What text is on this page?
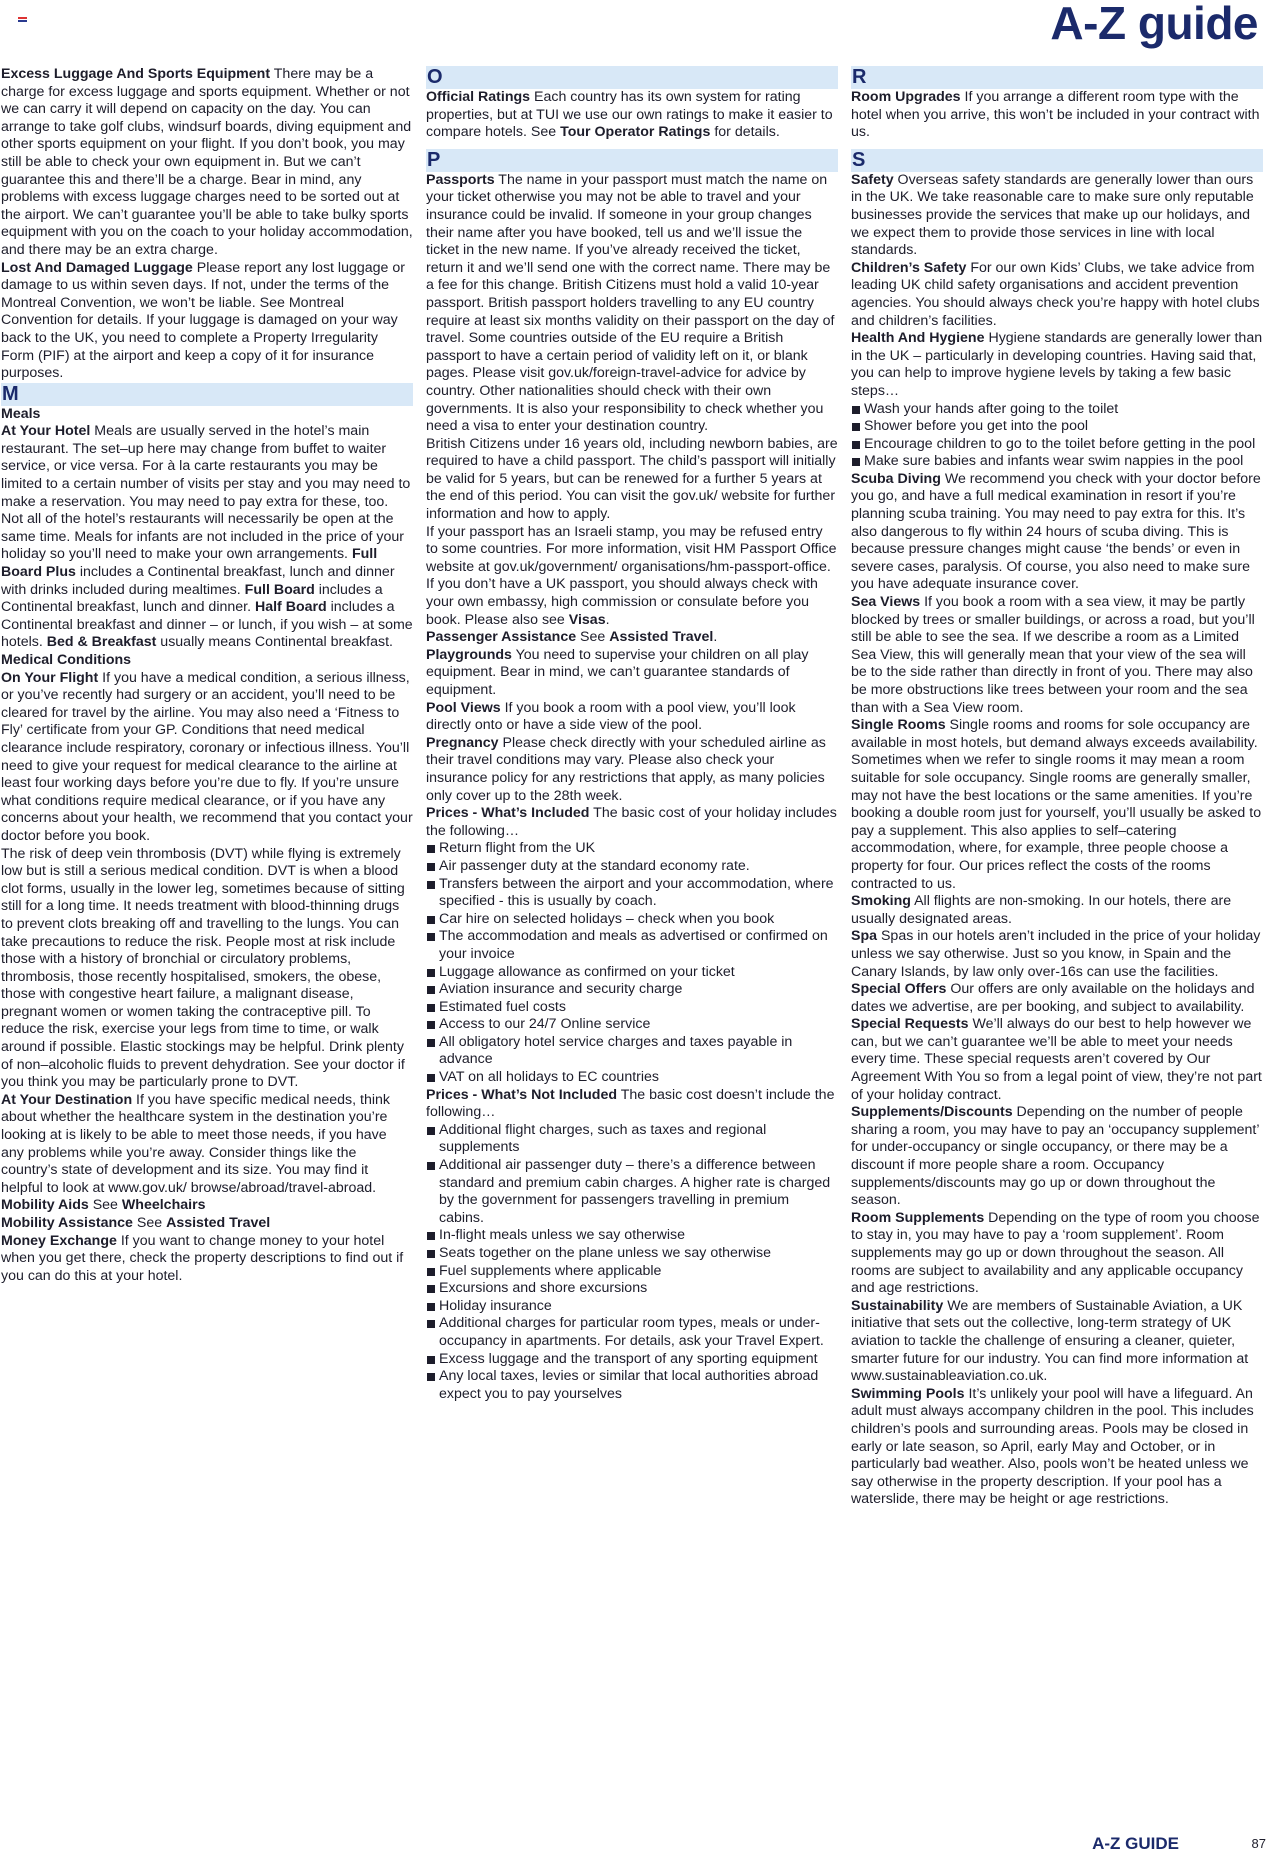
A-Z guide

Excess Luggage And Sports Equipment There may be a charge for excess luggage and sports equipment. Whether or not we can carry it will depend on capacity on the day. You can arrange to take golf clubs, windsurf boards, diving equipment and other sports equipment on your flight. If you don’t book, you may still be able to check your own equipment in. But we can’t guarantee this and there’ll be a charge. Bear in mind, any problems with excess luggage charges need to be sorted out at the airport. We can’t guarantee you’ll be able to take bulky sports equipment with you on the coach to your holiday accommodation, and there may be an extra charge.

Lost And Damaged Luggage Please report any lost luggage or damage to us within seven days. If not, under the terms of the Montreal Convention, we won’t be liable. See Montreal Convention for details. If your luggage is damaged on your way back to the UK, you need to complete a Property Irregularity Form (PIF) at the airport and keep a copy of it for insurance purposes.

M

Meals

At Your Hotel Meals are usually served in the hotel’s main restaurant. The set–up here may change from buffet to waiter service, or vice versa. For à la carte restaurants you may be limited to a certain number of visits per stay and you may need to make a reservation. You may need to pay extra for these, too. Not all of the hotel’s restaurants will necessarily be open at the same time. Meals for infants are not included in the price of your holiday so you’ll need to make your own arrangements. Full Board Plus includes a Continental breakfast, lunch and dinner with drinks included during mealtimes. Full Board includes a Continental breakfast, lunch and dinner. Half Board includes a Continental breakfast and dinner – or lunch, if you wish – at some hotels. Bed & Breakfast usually means Continental breakfast.

Medical Conditions

On Your Flight If you have a medical condition, a serious illness, or you’ve recently had surgery or an accident, you’ll need to be cleared for travel by the airline. You may also need a ‘Fitness to Fly’ certificate from your GP. Conditions that need medical clearance include respiratory, coronary or infectious illness. You’ll need to give your request for medical clearance to the airline at least four working days before you’re due to fly. If you’re unsure what conditions require medical clearance, or if you have any concerns about your health, we recommend that you contact your doctor before you book.

The risk of deep vein thrombosis (DVT) while flying is extremely low but is still a serious medical condition. DVT is when a blood clot forms, usually in the lower leg, sometimes because of sitting still for a long time. It needs treatment with blood-thinning drugs to prevent clots breaking off and travelling to the lungs. You can take precautions to reduce the risk. People most at risk include those with a history of bronchial or circulatory problems, thrombosis, those recently hospitalised, smokers, the obese, those with congestive heart failure, a malignant disease, pregnant women or women taking the contraceptive pill. To reduce the risk, exercise your legs from time to time, or walk around if possible. Elastic stockings may be helpful. Drink plenty of non–alcoholic fluids to prevent dehydration. See your doctor if you think you may be particularly prone to DVT.

At Your Destination If you have specific medical needs, think about whether the healthcare system in the destination you’re looking at is likely to be able to meet those needs, if you have any problems while you’re away. Consider things like the country’s state of development and its size. You may find it helpful to look at www.gov.uk/ browse/abroad/travel-abroad.

Mobility Aids See Wheelchairs

Mobility Assistance See Assisted Travel

Money Exchange If you want to change money to your hotel when you get there, check the property descriptions to find out if you can do this at your hotel.

O

Official Ratings Each country has its own system for rating properties, but at TUI we use our own ratings to make it easier to compare hotels. See Tour Operator Ratings for details.

P

Passports The name in your passport must match the name on your ticket otherwise you may not be able to travel and your insurance could be invalid. If someone in your group changes their name after you have booked, tell us and we’ll issue the ticket in the new name. If you’ve already received the ticket, return it and we’ll send one with the correct name. There may be a fee for this change. British Citizens must hold a valid 10-year passport. British passport holders travelling to any EU country require at least six months validity on their passport on the day of travel. Some countries outside of the EU require a British passport to have a certain period of validity left on it, or blank pages. Please visit gov.uk/foreign-travel-advice for advice by country. Other nationalities should check with their own governments. It is also your responsibility to check whether you need a visa to enter your destination country.

British Citizens under 16 years old, including newborn babies, are required to have a child passport. The child’s passport will initially be valid for 5 years, but can be renewed for a further 5 years at the end of this period. You can visit the gov.uk/ website for further information and how to apply.

If your passport has an Israeli stamp, you may be refused entry to some countries. For more information, visit HM Passport Office website at gov.uk/government/ organisations/hm-passport-office. If you don’t have a UK passport, you should always check with your own embassy, high commission or consulate before you book. Please also see Visas.

Passenger Assistance See Assisted Travel.

Playgrounds You need to supervise your children on all play equipment. Bear in mind, we can’t guarantee standards of equipment.

Pool Views If you book a room with a pool view, you’ll look directly onto or have a side view of the pool.

Pregnancy Please check directly with your scheduled airline as their travel conditions may vary. Please also check your insurance policy for any restrictions that apply, as many policies only cover up to the 28th week.

Prices - What’s Included The basic cost of your holiday includes the following…

Return flight from the UK
Air passenger duty at the standard economy rate.
Transfers between the airport and your accommodation, where specified - this is usually by coach.
Car hire on selected holidays – check when you book
The accommodation and meals as advertised or confirmed on your invoice
Luggage allowance as confirmed on your ticket
Aviation insurance and security charge
Estimated fuel costs
Access to our 24/7 Online service
All obligatory hotel service charges and taxes payable in advance
VAT on all holidays to EC countries

Prices - What’s Not Included The basic cost doesn’t include the following…

Additional flight charges, such as taxes and regional supplements
Additional air passenger duty – there’s a difference between standard and premium cabin charges. A higher rate is charged by the government for passengers travelling in premium cabins.
In-flight meals unless we say otherwise
Seats together on the plane unless we say otherwise
Fuel supplements where applicable
Excursions and shore excursions
Holiday insurance
Additional charges for particular room types, meals or under-occupancy in apartments. For details, ask your Travel Expert.
Excess luggage and the transport of any sporting equipment
Any local taxes, levies or similar that local authorities abroad expect you to pay yourselves
R

Room Upgrades If you arrange a different room type with the hotel when you arrive, this won’t be included in your contract with us.

S

Safety Overseas safety standards are generally lower than ours in the UK. We take reasonable care to make sure only reputable businesses provide the services that make up our holidays, and we expect them to provide those services in line with local standards.

Children’s Safety For our own Kids’ Clubs, we take advice from leading UK child safety organisations and accident prevention agencies. You should always check you’re happy with hotel clubs and children’s facilities.

Health And Hygiene Hygiene standards are generally lower than in the UK – particularly in developing countries. Having said that, you can help to improve hygiene levels by taking a few basic steps…

Wash your hands after going to the toilet
Shower before you get into the pool
Encourage children to go to the toilet before getting in the pool
Make sure babies and infants wear swim nappies in the pool

Scuba Diving We recommend you check with your doctor before you go, and have a full medical examination in resort if you’re planning scuba training. You may need to pay extra for this. It’s also dangerous to fly within 24 hours of scuba diving. This is because pressure changes might cause ‘the bends’ or even in severe cases, paralysis. Of course, you also need to make sure you have adequate insurance cover.

Sea Views If you book a room with a sea view, it may be partly blocked by trees or smaller buildings, or across a road, but you’ll still be able to see the sea. If we describe a room as a Limited Sea View, this will generally mean that your view of the sea will be to the side rather than directly in front of you. There may also be more obstructions like trees between your room and the sea than with a Sea View room.

Single Rooms Single rooms and rooms for sole occupancy are available in most hotels, but demand always exceeds availability. Sometimes when we refer to single rooms it may mean a room suitable for sole occupancy. Single rooms are generally smaller, may not have the best locations or the same amenities. If you’re booking a double room just for yourself, you’ll usually be asked to pay a supplement. This also applies to self–catering accommodation, where, for example, three people choose a property for four. Our prices reflect the costs of the rooms contracted to us.

Smoking All flights are non-smoking. In our hotels, there are usually designated areas.

Spa Spas in our hotels aren’t included in the price of your holiday unless we say otherwise. Just so you know, in Spain and the Canary Islands, by law only over-16s can use the facilities.

Special Offers Our offers are only available on the holidays and dates we advertise, are per booking, and subject to availability.

Special Requests We’ll always do our best to help however we can, but we can’t guarantee we’ll be able to meet your needs every time. These special requests aren’t covered by Our Agreement With You so from a legal point of view, they’re not part of your holiday contract.

Supplements/Discounts Depending on the number of people sharing a room, you may have to pay an ‘occupancy supplement’ for under-occupancy or single occupancy, or there may be a discount if more people share a room. Occupancy supplements/discounts may go up or down throughout the season.

Room Supplements Depending on the type of room you choose to stay in, you may have to pay a ‘room supplement’. Room supplements may go up or down throughout the season. All rooms are subject to availability and any applicable occupancy and age restrictions.

Sustainability We are members of Sustainable Aviation, a UK initiative that sets out the collective, long-term strategy of UK aviation to tackle the challenge of ensuring a cleaner, quieter, smarter future for our industry. You can find more information at www.sustainableaviation.co.uk.

Swimming Pools It’s unlikely your pool will have a lifeguard. An adult must always accompany children in the pool. This includes children’s pools and surrounding areas. Pools may be closed in early or late season, so April, early May and October, or in particularly bad weather. Also, pools won’t be heated unless we say otherwise in the property description. If your pool has a waterslide, there may be height or age restrictions.

A-Z GUIDE	87
